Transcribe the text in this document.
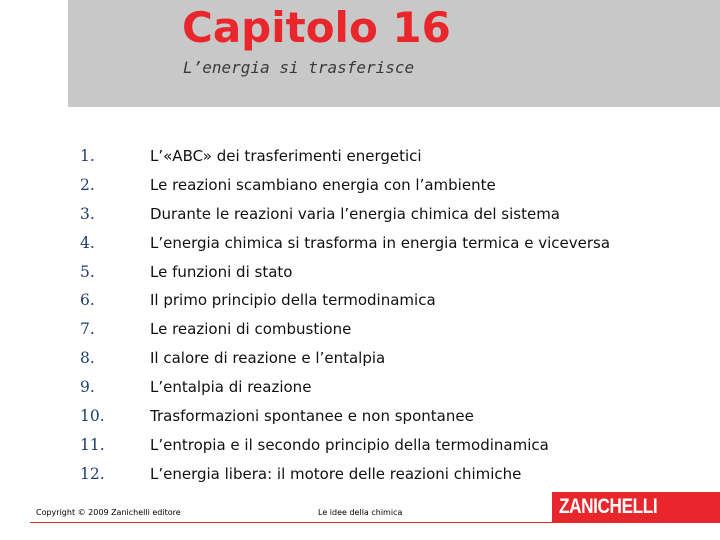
Capitolo 16
L’energia si trasferisce
1.	L’«ABC» dei trasferimenti energetici
2.	Le reazioni scambiano energia con l’ambiente
3.	Durante le reazioni varia l’energia chimica del sistema
4.	L’energia chimica si trasforma in energia termica e viceversa
5.	Le funzioni di stato
6.	Il primo principio della termodinamica
7.	Le reazioni di combustione
8.	Il calore di reazione e l’entalpia
9.	L’entalpia di reazione
10.	Trasformazioni spontanee e non spontanee
11.	L’entropia e il secondo principio della termodinamica
12.	L’energia libera: il motore delle reazioni chimiche
Copyright © 2009 Zanichelli editore	Le idee della chimica	ZANICHELLI
